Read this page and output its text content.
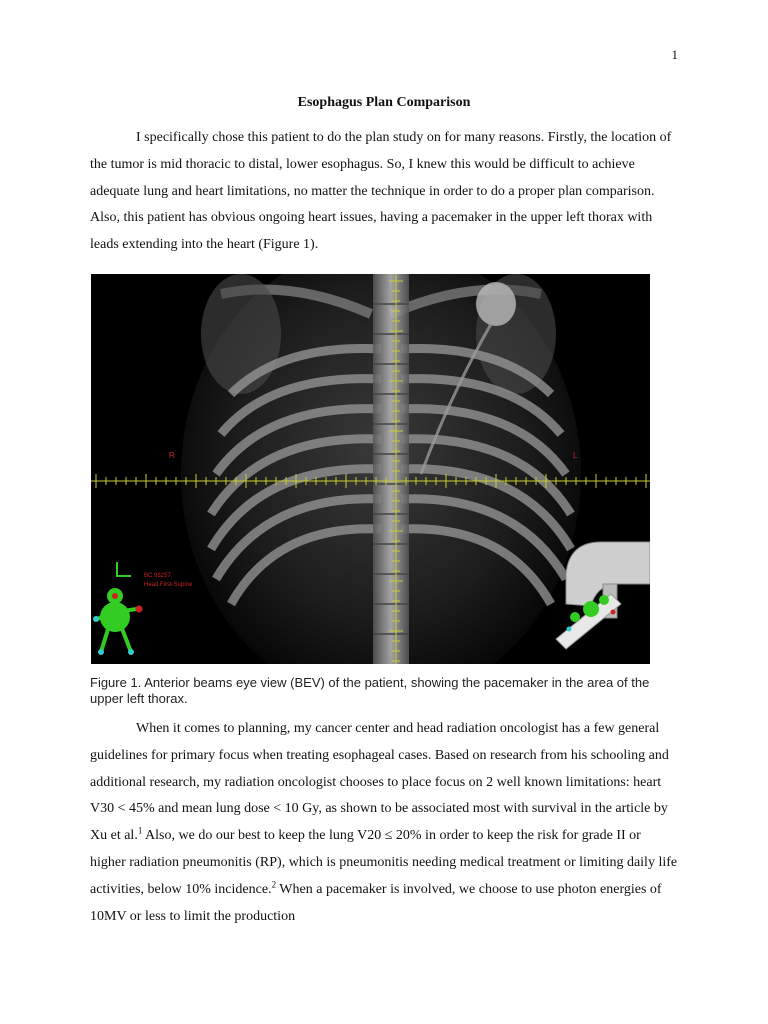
1
Esophagus Plan Comparison

I specifically chose this patient to do the plan study on for many reasons. Firstly, the location of the tumor is mid thoracic to distal, lower esophagus. So, I knew this would be difficult to achieve adequate lung and heart limitations, no matter the technique in order to do a proper plan comparison. Also, this patient has obvious ongoing heart issues, having a pacemaker in the upper left thorax with leads extending into the heart (Figure 1).

R	L
BC 93257
Head First-Supine
Figure 1. Anterior beams eye view (BEV) of the patient, showing the pacemaker in the area of the upper left thorax.

When it comes to planning, my cancer center and head radiation oncologist has a few general guidelines for primary focus when treating esophageal cases. Based on research from his schooling and additional research, my radiation oncologist chooses to place focus on 2 well known limitations: heart V30 < 45% and mean lung dose < 10 Gy, as shown to be associated most with survival in the article by Xu et al.$^1$ Also, we do our best to keep the lung V20 ≤ 20% in order to keep the risk for grade II or higher radiation pneumonitis (RP), which is pneumonitis needing medical treatment or limiting daily life activities, below 10% incidence.$^2$ When a pacemaker is involved, we choose to use photon energies of 10MV or less to limit the production
